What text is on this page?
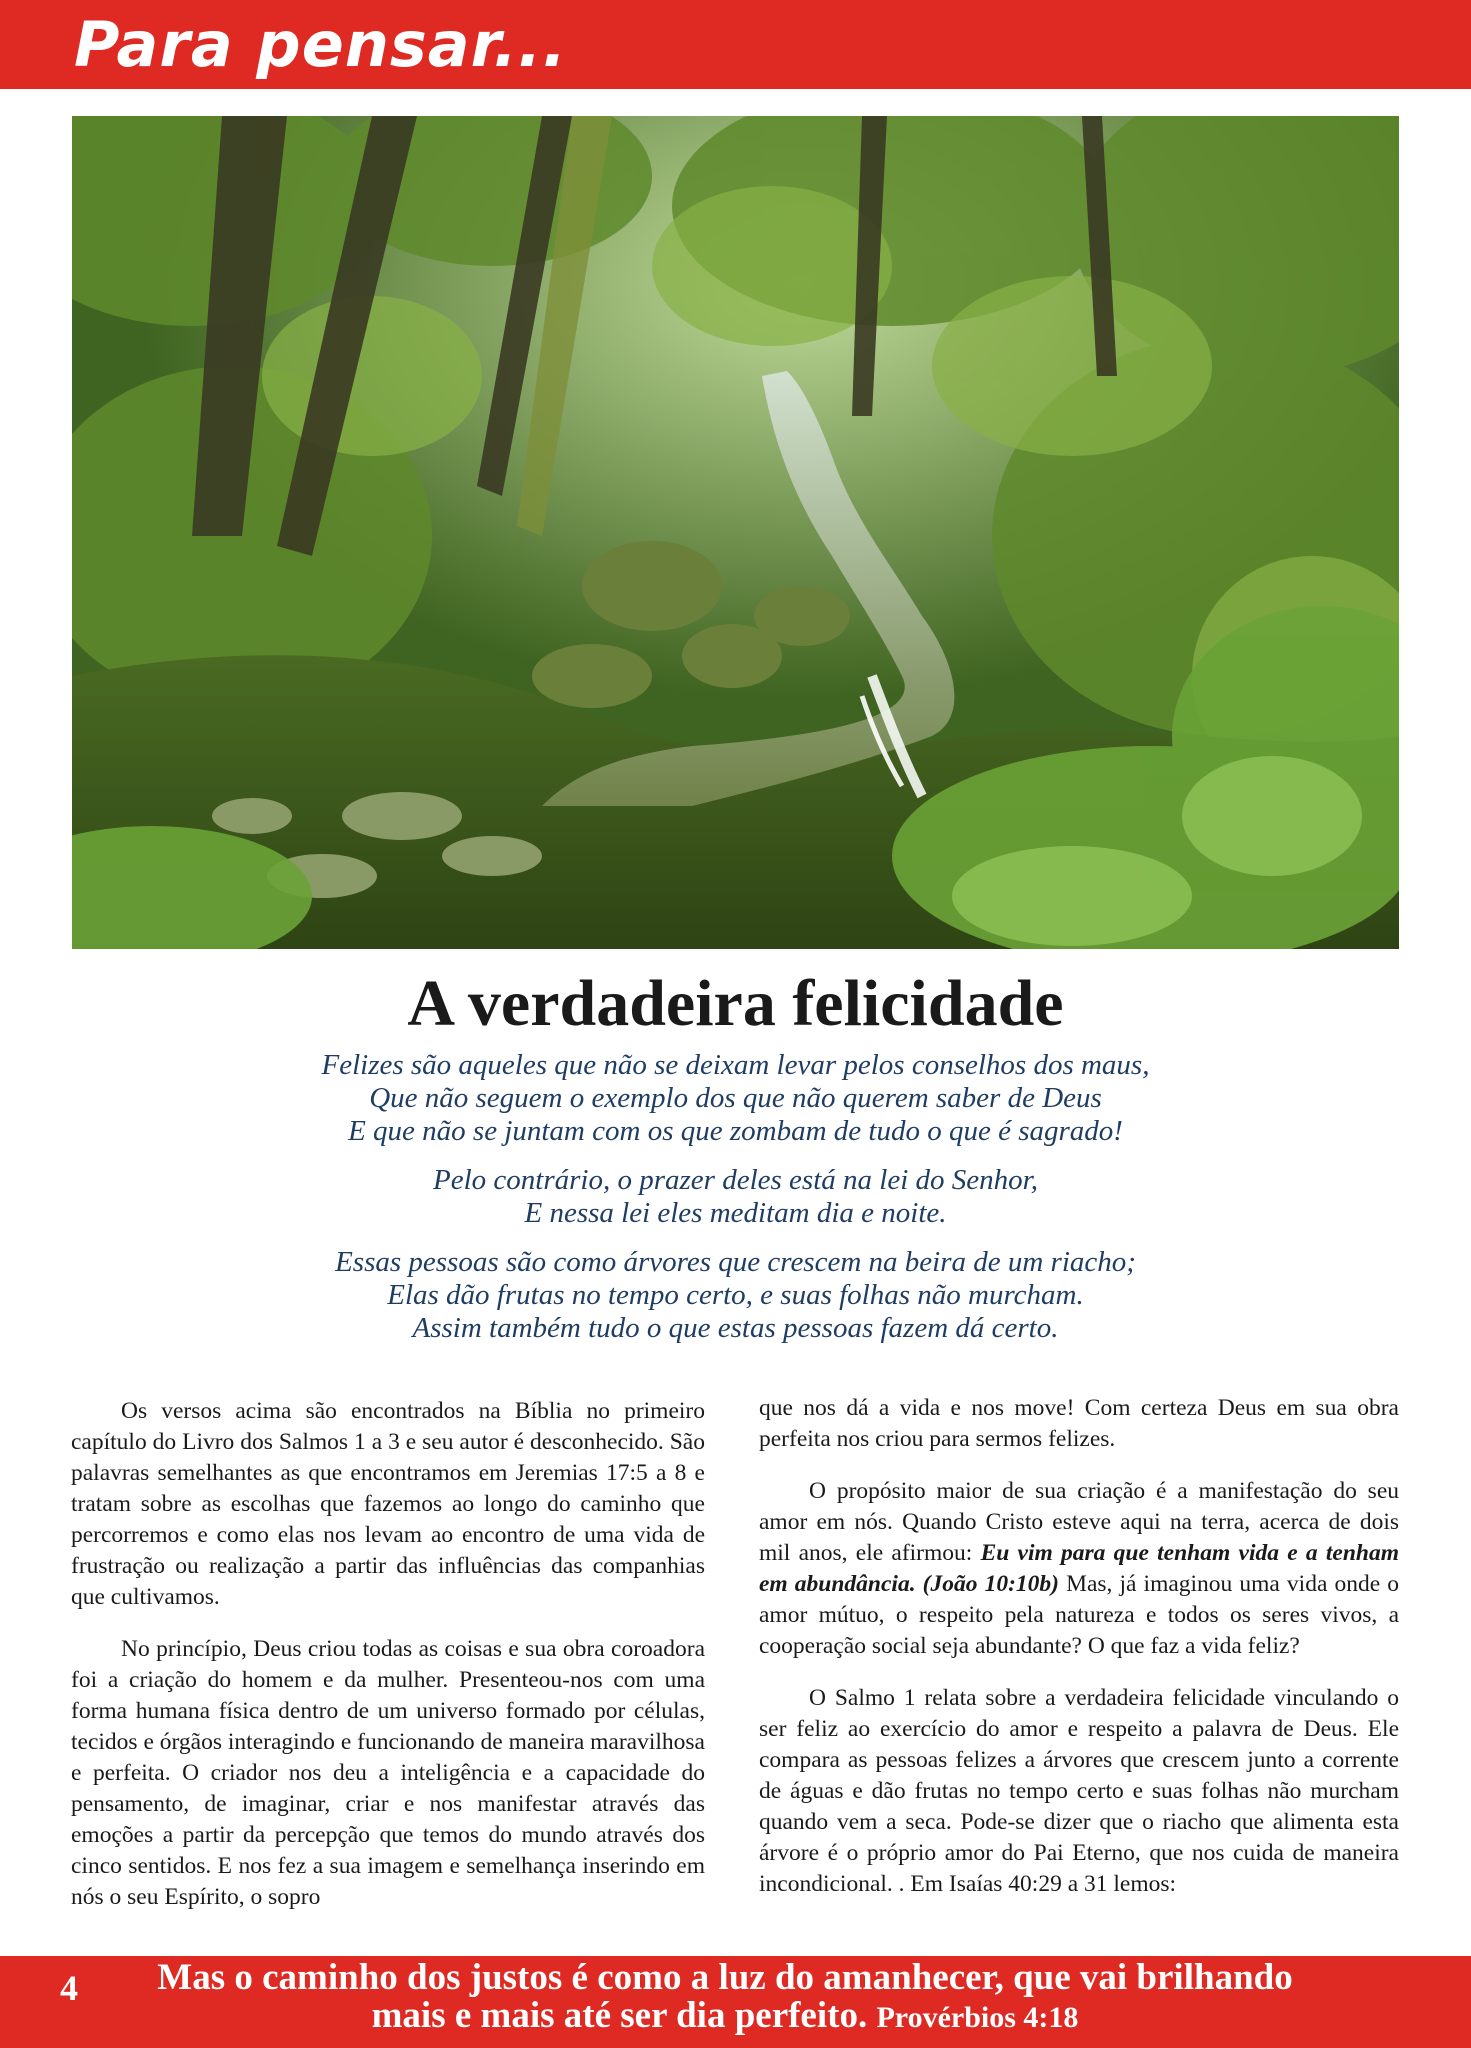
Para pensar...
A verdadeira felicidade
Felizes são aqueles que não se deixam levar pelos conselhos dos maus,
Que não seguem o exemplo dos que não querem saber de Deus
E que não se juntam com os que zombam de tudo o que é sagrado!
Pelo contrário, o prazer deles está na lei do Senhor,
E nessa lei eles meditam dia e noite.
Essas pessoas são como árvores que crescem na beira de um riacho;
Elas dão frutas no tempo certo, e suas folhas não murcham.
Assim também tudo o que estas pessoas fazem dá certo.

Os versos acima são encontrados na Bíblia no primeiro capítulo do Livro dos Salmos 1 a 3 e seu autor é desconhecido. São palavras semelhantes as que encontramos em Jeremias 17:5 a 8 e tratam sobre as escolhas que fazemos ao longo do caminho que percorremos e como elas nos levam ao encontro de uma vida de frustração ou realização a partir das influências das companhias que cultivamos.

No princípio, Deus criou todas as coisas e sua obra coroadora foi a criação do homem e da mulher. Presenteou-nos com uma forma humana física dentro de um universo formado por células, tecidos e órgãos interagindo e funcionando de maneira maravilhosa e perfeita. O criador nos deu a inteligência e a capacidade do pensamento, de imaginar, criar e nos manifestar através das emoções a partir da percepção que temos do mundo através dos cinco sentidos. E nos fez a sua imagem e semelhança inserindo em nós o seu Espírito, o sopro

que nos dá a vida e nos move! Com certeza Deus em sua obra perfeita nos criou para sermos felizes.

O propósito maior de sua criação é a manifestação do seu amor em nós. Quando Cristo esteve aqui na terra, acerca de dois mil anos, ele afirmou: Eu vim para que tenham vida e a tenham em abundância. (João 10:10b) Mas, já imaginou uma vida onde o amor mútuo, o respeito pela natureza e todos os seres vivos, a cooperação social seja abundante? O que faz a vida feliz?

O Salmo 1 relata sobre a verdadeira felicidade vinculando o ser feliz ao exercício do amor e respeito a palavra de Deus. Ele compara as pessoas felizes a árvores que crescem junto a corrente de águas e dão frutas no tempo certo e suas folhas não murcham quando vem a seca. Pode-se dizer que o riacho que alimenta esta árvore é o próprio amor do Pai Eterno, que nos cuida de maneira incondicional. . Em Isaías 40:29 a 31 lemos:

4	Mas o caminho dos justos é como a luz do amanhecer, que vai brilhando
mais e mais até ser dia perfeito. Provérbios 4:18
